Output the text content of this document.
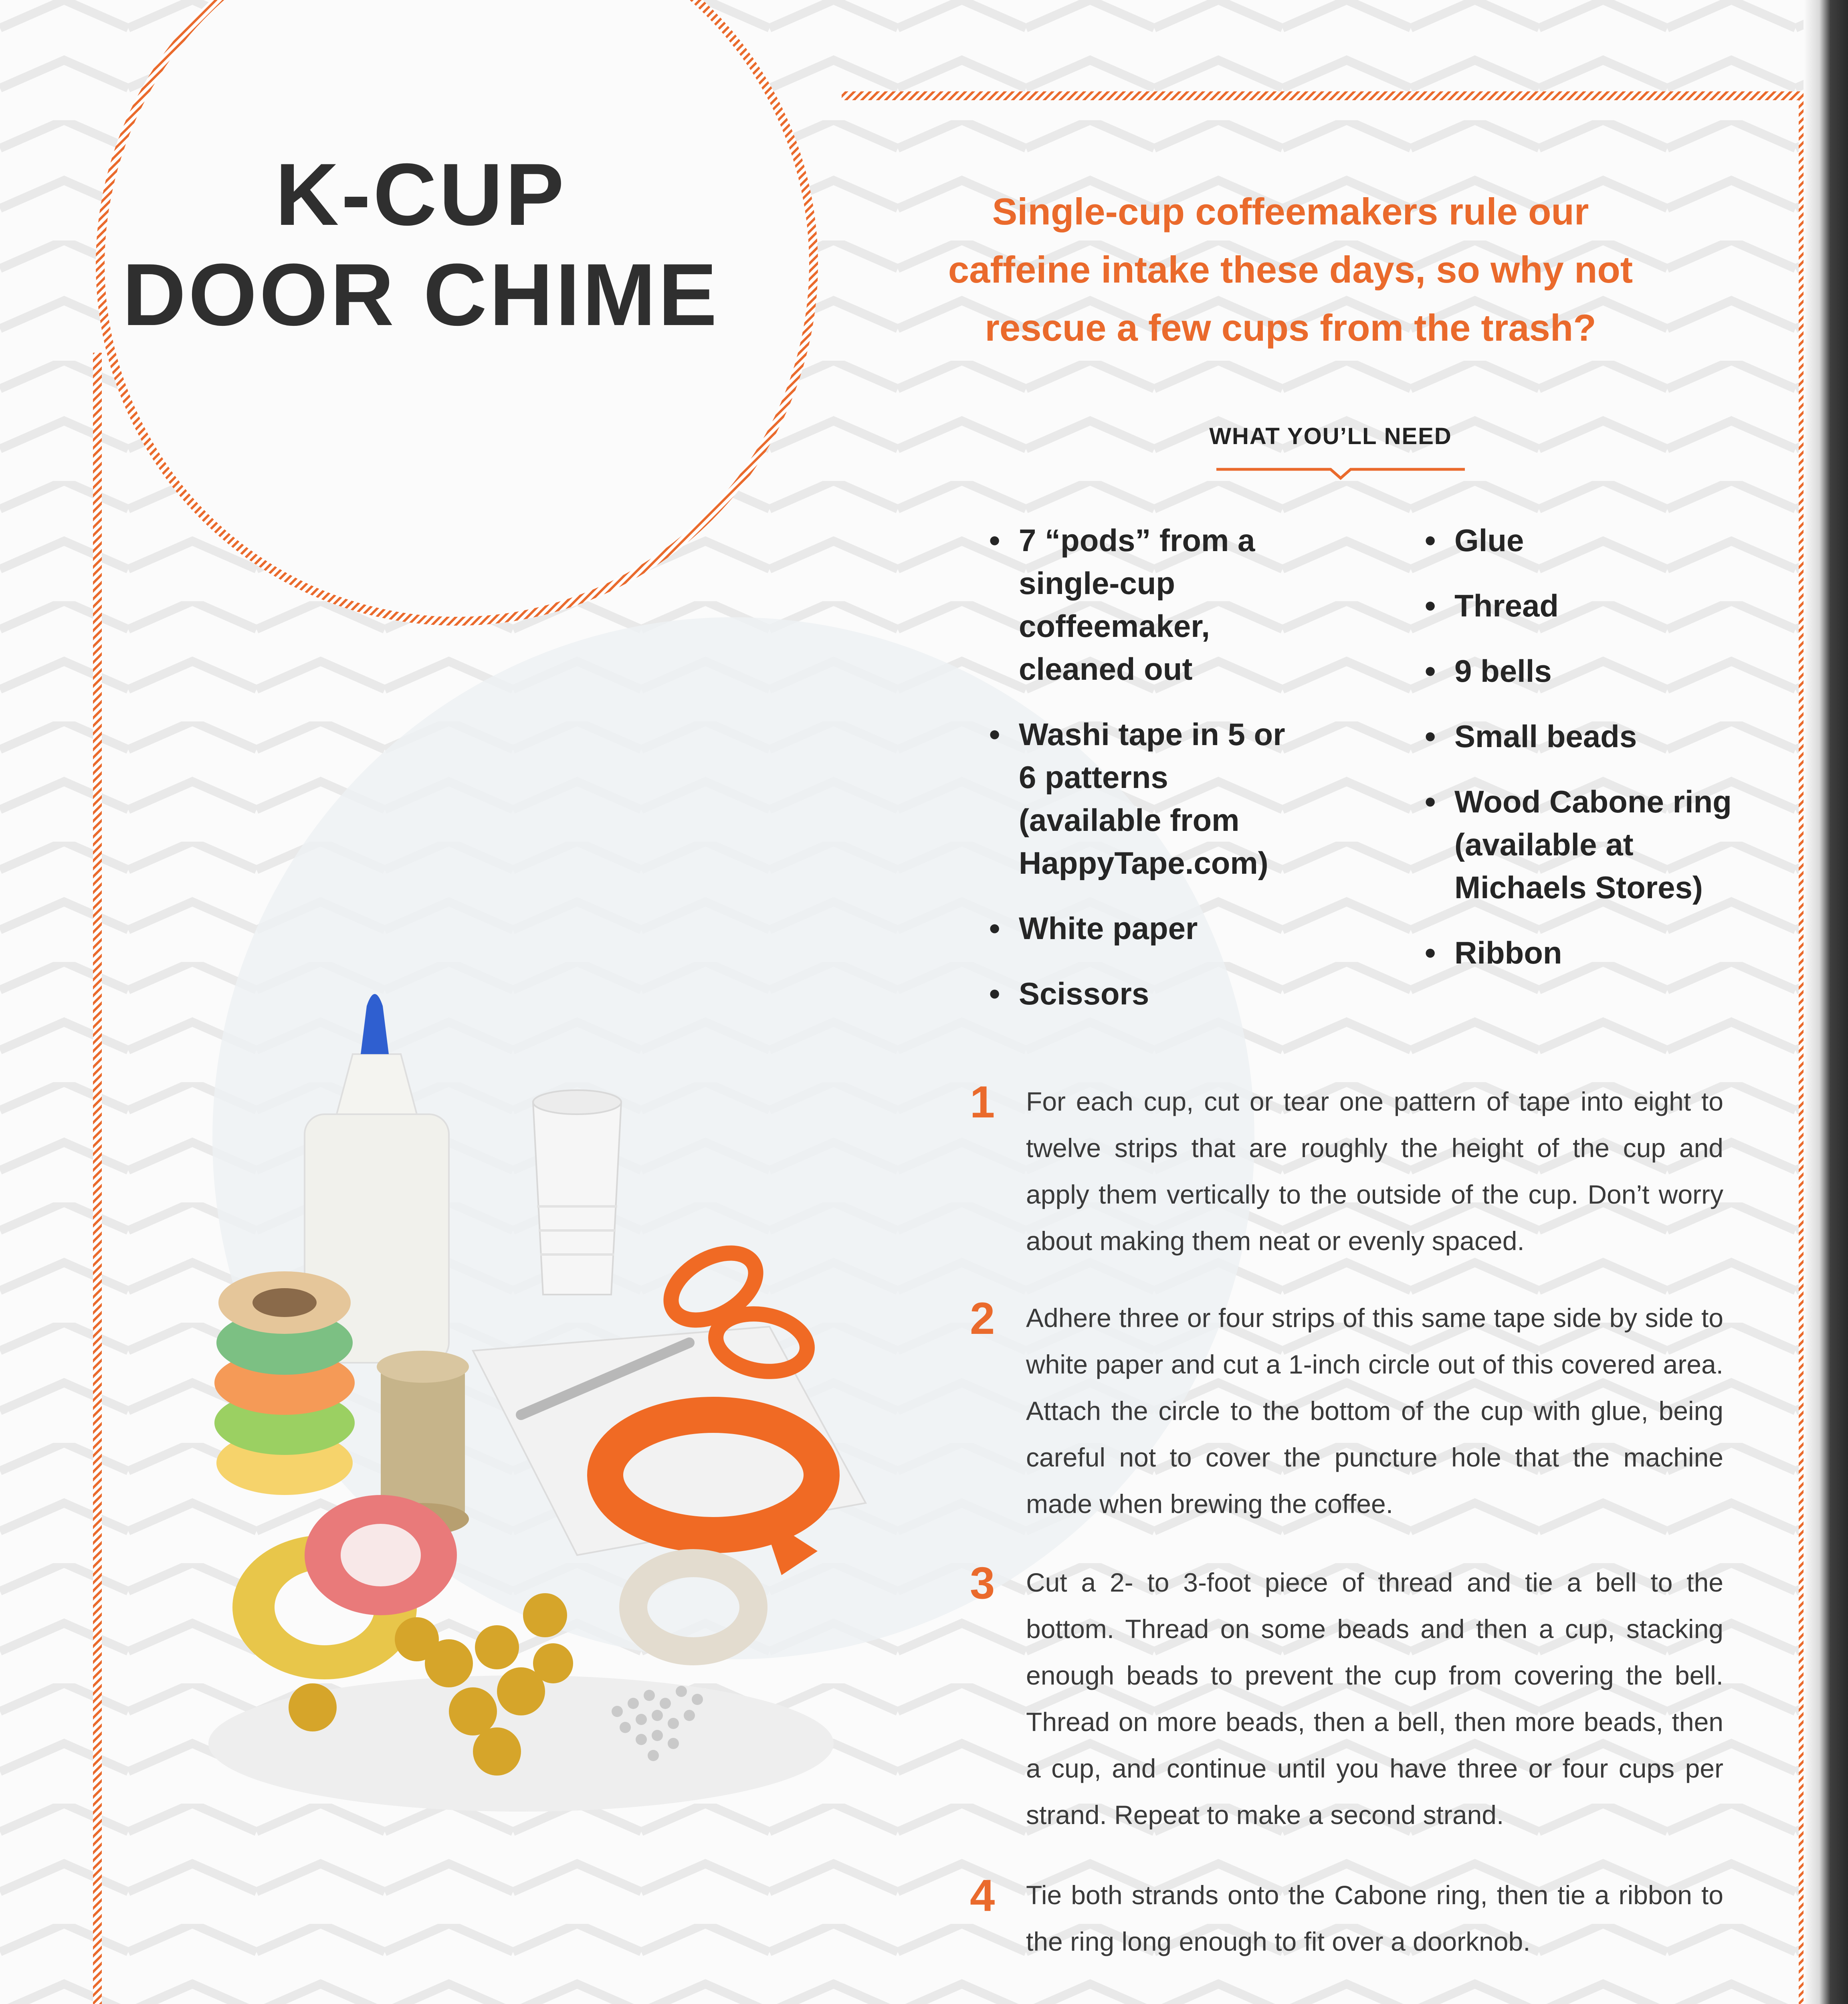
K-CUP
DOOR CHIME
Single-cup coffeemakers rule our caffeine intake these days, so why not rescue a few cups from the trash?
WHAT YOU’LL NEED
• 7 “pods” from a single-cup coffeemaker, cleaned out
• Washi tape in 5 or 6 patterns (available from HappyTape.com)
• White paper
• Scissors
• Glue
• Thread
• 9 bells
• Small beads
• Wood Cabone ring (available at Michaels Stores)
• Ribbon
1	For each cup, cut or tear one pattern of tape into eight to twelve strips that are roughly the height of the cup and apply them vertically to the outside of the cup. Don’t worry about making them neat or evenly spaced.
2	Adhere three or four strips of this same tape side by side to white paper and cut a 1-inch circle out of this covered area. Attach the circle to the bottom of the cup with glue, being careful not to cover the puncture hole that the machine made when brewing the coffee.
3	Cut a 2- to 3-foot piece of thread and tie a bell to the bottom. Thread on some beads and then a cup, stacking enough beads to prevent the cup from covering the bell. Thread on more beads, then a bell, then more beads, then a cup, and continue until you have three or four cups per strand. Repeat to make a second strand.
4	Tie both strands onto the Cabone ring, then tie a ribbon to the ring long enough to fit over a doorknob.
